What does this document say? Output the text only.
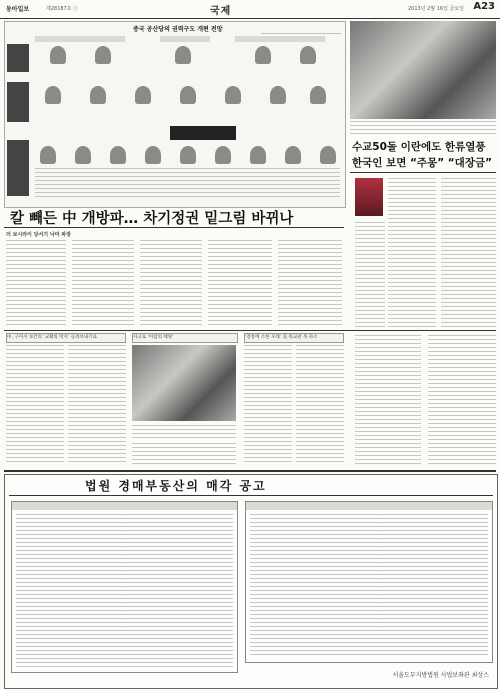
동아일보	제28187호 ⓒ	국제	2013년 2월 16일 금요일 A23
중국 공산당의 권력구도 개편 전망
수교50돌 이란에도 한류열풍
한국인 보면 “주몽” “대장금”
칼 빼든 中 개방파… 차기정권 밑그림 바뀌나
더 보시라이 당서기 낙마 파장
中, 구미서 보건의 ‘교황의 딱지’ 들려보내기로	자고로 ‘아랍의 태양’	‘전통에 소한 모래’ 美 워교관 목 파소
법원 경매부동산의 매각 공고
서울도부지방법원 사법보좌관 최상스
